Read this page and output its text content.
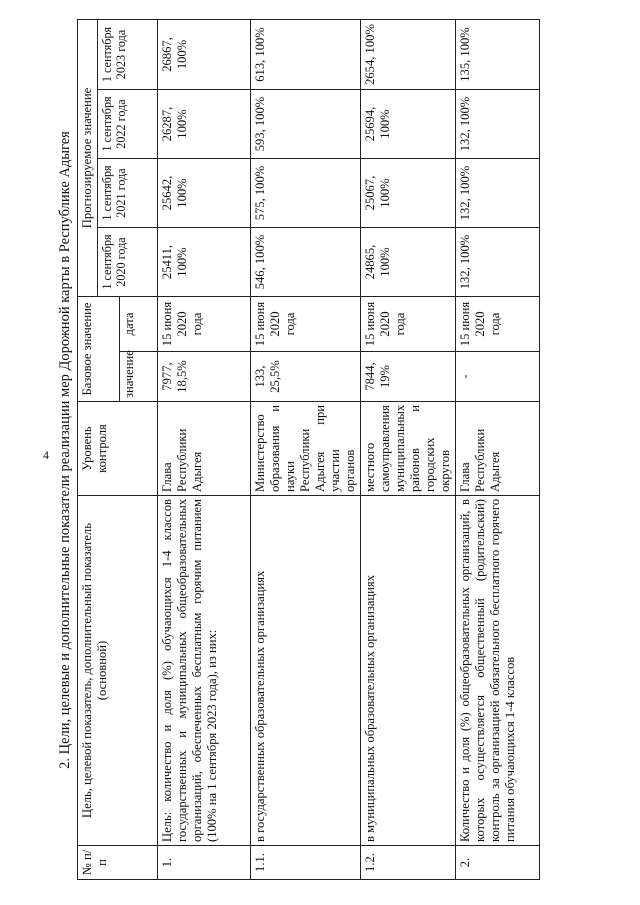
4 2. Цели, целевые и дополнительные показатели реализации мер Дорожной карты в Республике Адыгея
№ п/п	Цель, целевой показатель, дополнительный показатель (основной)	Уровень контроля	Базовое значение		Прогнозируемое значение			
					1 сентября 2020 года	1 сентября 2021 года	1 сентября 2022 года	1 сентября 2023 года
			значение	дата				
1.	Цель: количество и доля (%) обучающихся 1-4 классов государственных и муниципальных общеобразовательных организаций, обеспеченных бесплатным горячим питанием (100% на 1 сентября 2023 года), из них:	Глава Республики Адыгея	7977, 18,5%	15 июня 2020 года	25411, 100%	25642, 100%	26287, 100%	26867, 100%
1.1.	в государственных образовательных организациях	Министерство образования и науки Республики Адыгея при участии органов	133, 25,5%	15 июня 2020 года	546, 100%	575, 100%	593, 100%	613, 100%
1.2.	в муниципальных образовательных организациях	местного самоуправления муниципальных районов и городских округов	7844, 19%	15 июня 2020 года	24865, 100%	25067, 100%	25694, 100%	2654, 100%
2.	Количество и доля (%) общеобразовательных организаций, в которых осуществляется общественный (родительский) контроль за организацией обязательного бесплатного горячего питания обучающихся 1-4 классов	Глава Республики Адыгея	-	15 июня 2020 года	132, 100%	132, 100%	132, 100%	135, 100%
